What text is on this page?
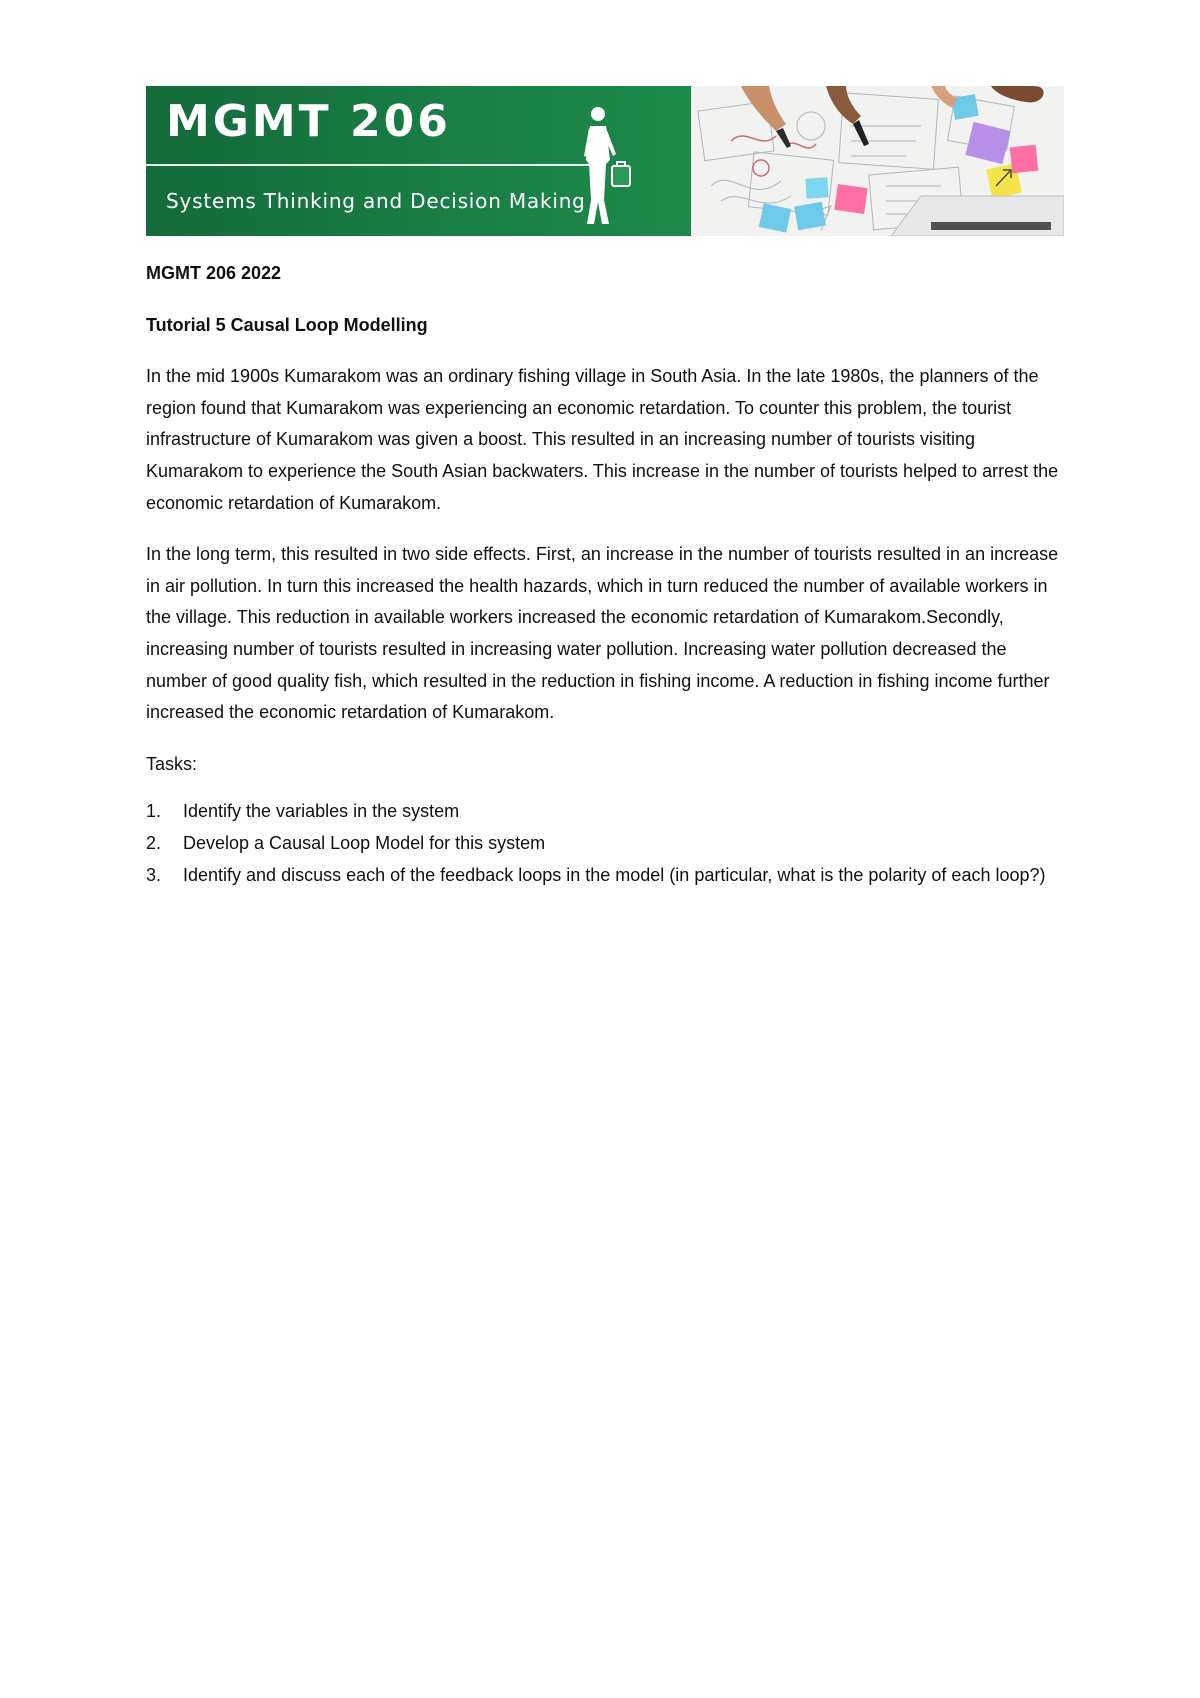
MGMT 206
Systems Thinking and Decision Making

MGMT 206 2022

Tutorial 5 Causal Loop Modelling

In the mid 1900s Kumarakom was an ordinary fishing village in South Asia. In the late 1980s, the planners of the region found that Kumarakom was experiencing an economic retardation. To counter this problem, the tourist infrastructure of Kumarakom was given a boost. This resulted in an increasing number of tourists visiting Kumarakom to experience the South Asian backwaters. This increase in the number of tourists helped to arrest the economic retardation of Kumarakom.

In the long term, this resulted in two side effects. First, an increase in the number of tourists resulted in an increase in air pollution. In turn this increased the health hazards, which in turn reduced the number of available workers in the village. This reduction in available workers increased the economic retardation of Kumarakom.Secondly, increasing number of tourists resulted in increasing water pollution. Increasing water pollution decreased the number of good quality fish, which resulted in the reduction in fishing income. A reduction in fishing income further increased the economic retardation of Kumarakom.

Tasks:

1. Identify the variables in the system
2. Develop a Causal Loop Model for this system
3. Identify and discuss each of the feedback loops in the model (in particular, what is the polarity of each loop?)
